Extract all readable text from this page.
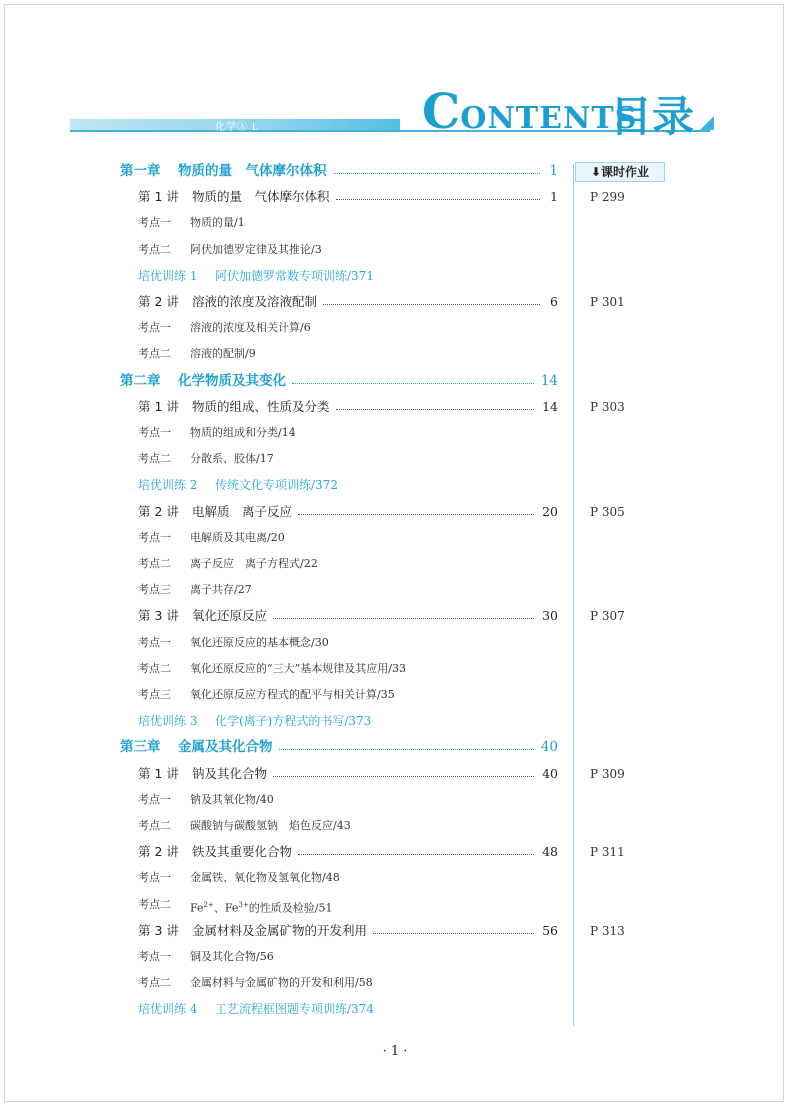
化学Ⓐ L	CONTENTS
目录
⬇课时作业
第一章 物质的量　气体摩尔体积	1
第 1 讲 物质的量　气体摩尔体积	1	P 299
考点一 物质的量/1
考点二 阿伏加德罗定律及其推论/3
培优训练 1 阿伏加德罗常数专项训练/371
第 2 讲 溶液的浓度及溶液配制	6	P 301
考点一 溶液的浓度及相关计算/6
考点二 溶液的配制/9
第二章 化学物质及其变化	14
第 1 讲 物质的组成、性质及分类	14	P 303
考点一 物质的组成和分类/14
考点二 分散系、胶体/17
培优训练 2 传统文化专项训练/372
第 2 讲 电解质　离子反应	20	P 305
考点一 电解质及其电离/20
考点二 离子反应　离子方程式/22
考点三 离子共存/27
第 3 讲 氧化还原反应	30	P 307
考点一 氧化还原反应的基本概念/30
考点二 氧化还原反应的“三大”基本规律及其应用/33
考点三 氧化还原反应方程式的配平与相关计算/35
培优训练 3 化学(离子)方程式的书写/373
第三章 金属及其化合物	40
第 1 讲 钠及其化合物	40	P 309
考点一 钠及其氧化物/40
考点二 碳酸钠与碳酸氢钠　焰色反应/43
第 2 讲 铁及其重要化合物	48	P 311
考点一 金属铁、氧化物及氢氧化物/48
考点二 $Fe^{2+}$、$Fe^{3+}$的性质及检验/51
第 3 讲 金属材料及金属矿物的开发利用	56	P 313
考点一 铜及其化合物/56
考点二 金属材料与金属矿物的开发和利用/58
培优训练 4 工艺流程框图题专项训练/374
· 1 ·
